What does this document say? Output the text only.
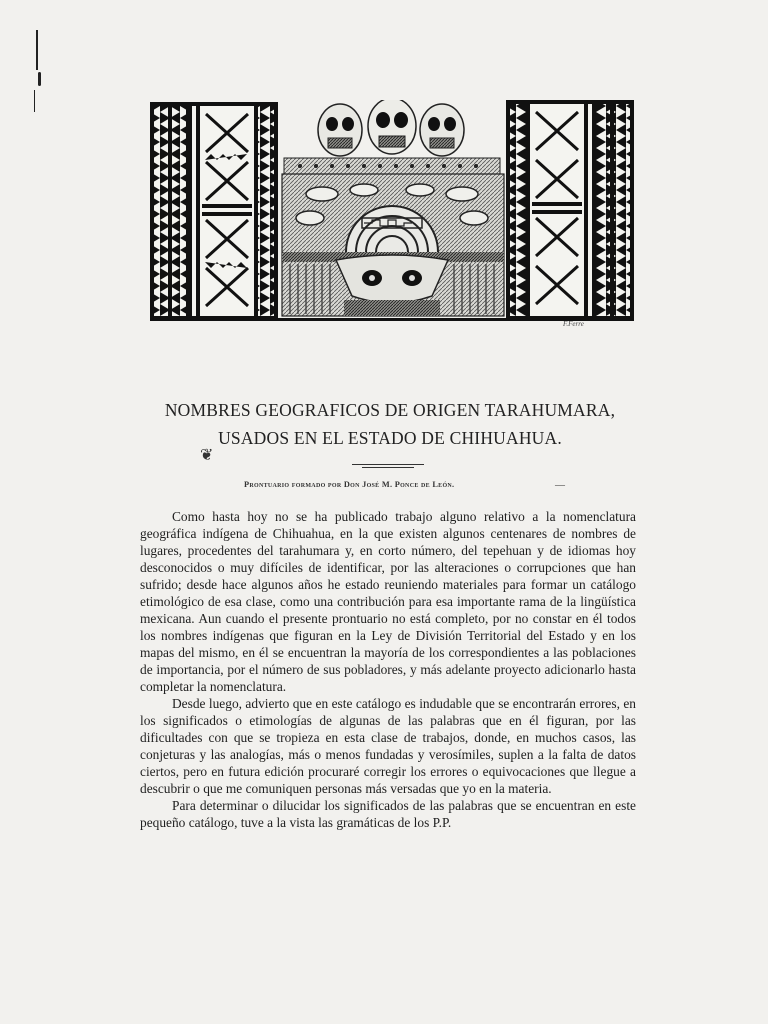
F.Ferre
NOMBRES GEOGRAFICOS DE ORIGEN TARAHUMARA,
USADOS EN EL ESTADO DE CHIHUAHUA.
❦
Prontuario formado por Don José M. Ponce de León.	—

Como hasta hoy no se ha publicado trabajo alguno relativo a la nomenclatura geográfica indígena de Chihuahua, en la que existen algunos centenares de nombres de lugares, procedentes del tarahumara y, en corto número, del tepehuan y de idiomas hoy desconocidos o muy difíciles de identificar, por las alteraciones o corrupciones que han sufrido; desde hace algunos años he estado reuniendo materiales para formar un catálogo etimológico de esa clase, como una contribución para esa importante rama de la lingüística mexicana. Aun cuando el presente prontuario no está completo, por no constar en él todos los nombres indígenas que figuran en la Ley de División Territorial del Estado y en los mapas del mismo, en él se encuentran la mayoría de los correspondientes a las poblaciones de importancia, por el número de sus pobladores, y más adelante proyecto adicionarlo hasta completar la nomenclatura.

Desde luego, advierto que en este catálogo es indudable que se encontrarán errores, en los significados o etimologías de algunas de las palabras que en él figuran, por las dificultades con que se tropieza en esta clase de trabajos, donde, en muchos casos, las conjeturas y las analogías, más o menos fundadas y verosímiles, suplen a la falta de datos ciertos, pero en futura edición procuraré corregir los errores o equivocaciones que llegue a descubrir o que me comuniquen personas más versadas que yo en la materia.

Para determinar o dilucidar los significados de las palabras que se encuentran en este pequeño catálogo, tuve a la vista las gramáticas de los P.P.
